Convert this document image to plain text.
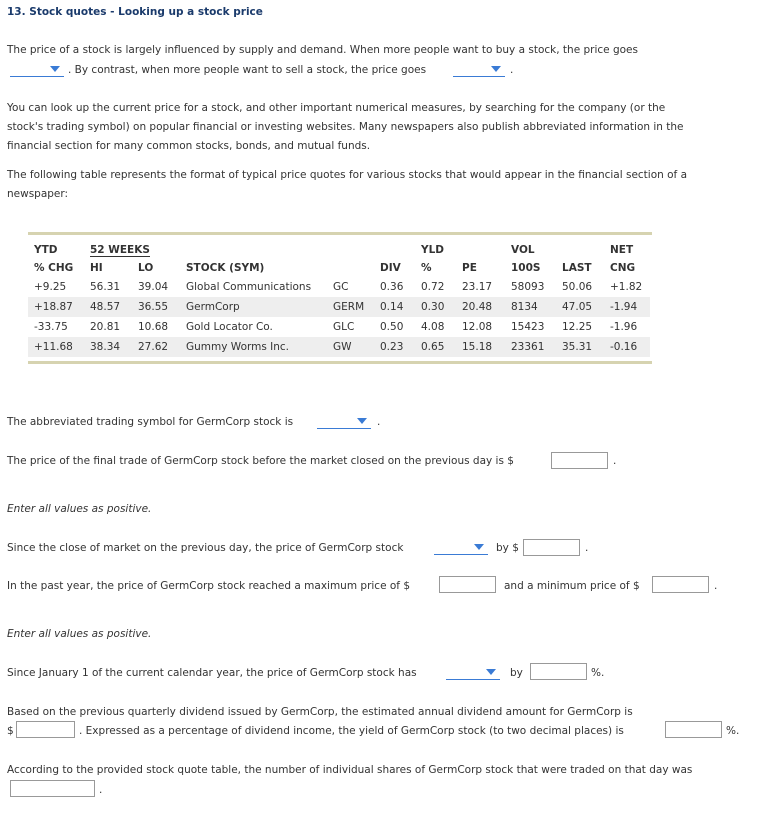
13. Stock quotes - Looking up a stock price
The price of a stock is largely influenced by supply and demand. When more people want to buy a stock, the price goes
. By contrast, when more people want to sell a stock, the price goes	.
You can look up the current price for a stock, and other important numerical measures, by searching for the company (or the
stock's trading symbol) on popular financial or investing websites. Many newspapers also publish abbreviated information in the
financial section for many common stocks, bonds, and mutual funds.
The following table represents the format of typical price quotes for various stocks that would appear in the financial section of a
newspaper:
	YTD	52 WEEKS					YLD		VOL		NET
	% CHG	HI	LO	STOCK (SYM)		DIV	%	PE	100S	LAST	CNG
	+9.25	56.31	39.04	Global Communications	GC	0.36	0.72	23.17	58093	50.06	+1.82
	+18.87	48.57	36.55	GermCorp	GERM	0.14	0.30	20.48	8134	47.05	-1.94
	-33.75	20.81	10.68	Gold Locator Co.	GLC	0.50	4.08	12.08	15423	12.25	-1.96
	+11.68	38.34	27.62	Gummy Worms Inc.	GW	0.23	0.65	15.18	23361	35.31	-0.16
The abbreviated trading symbol for GermCorp stock is	.
The price of the final trade of GermCorp stock before the market closed on the previous day is $	.
Enter all values as positive.
Since the close of market on the previous day, the price of GermCorp stock	by $	.
In the past year, the price of GermCorp stock reached a maximum price of $	and a minimum price of $	.
Enter all values as positive.
Since January 1 of the current calendar year, the price of GermCorp stock has	by	%.
Based on the previous quarterly dividend issued by GermCorp, the estimated annual dividend amount for GermCorp is
$	. Expressed as a percentage of dividend income, the yield of GermCorp stock (to two decimal places) is	%.
According to the provided stock quote table, the number of individual shares of GermCorp stock that were traded on that day was
.
